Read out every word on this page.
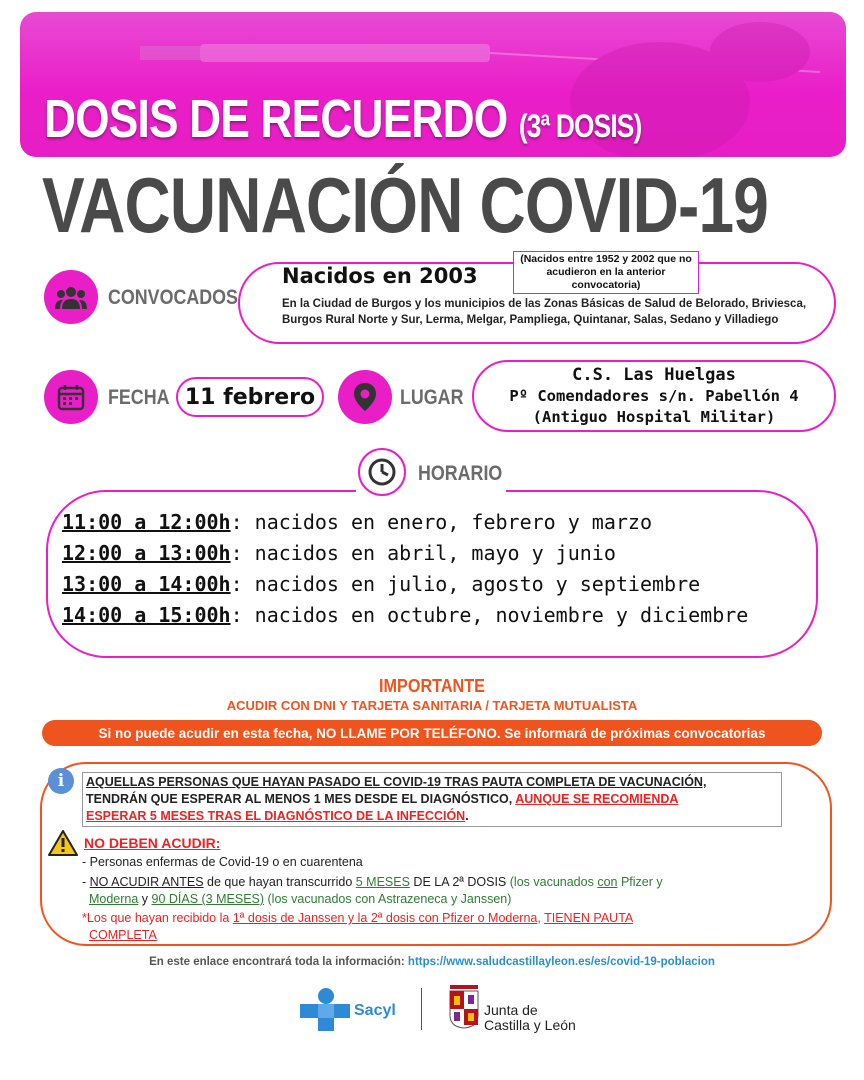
DOSIS DE RECUERDO (3ª DOSIS)
VACUNACIÓN COVID-19
CONVOCADOS
Nacidos en 2003
(Nacidos entre 1952 y 2002 que no acudieron en la anterior convocatoria)
En la Ciudad de Burgos y los municipios de las Zonas Básicas de Salud de Belorado, Briviesca, Burgos Rural Norte y Sur, Lerma, Melgar, Pampliega, Quintanar, Salas, Sedano y Villadiego
FECHA 11 febrero	LUGAR
C.S. Las Huelgas
Pº Comendadores s/n. Pabellón 4
(Antiguo Hospital Militar)
HORARIO
11:00 a 12:00h: nacidos en enero, febrero y marzo
12:00 a 13:00h: nacidos en abril, mayo y junio
13:00 a 14:00h: nacidos en julio, agosto y septiembre
14:00 a 15:00h: nacidos en octubre, noviembre y diciembre
IMPORTANTE
ACUDIR CON DNI Y TARJETA SANITARIA / TARJETA MUTUALISTA
Si no puede acudir en esta fecha, NO LLAME POR TELÉFONO. Se informará de próximas convocatorias
i	AQUELLAS PERSONAS QUE HAYAN PASADO EL COVID-19 TRAS PAUTA COMPLETA DE VACUNACIÓN,
TENDRÁN QUE ESPERAR AL MENOS 1 MES DESDE EL DIAGNÓSTICO, AUNQUE SE RECOMIENDA
ESPERAR 5 MESES TRAS EL DIAGNÓSTICO DE LA INFECCIÓN.
NO DEBEN ACUDIR:
- Personas enfermas de Covid-19 o en cuarentena
- NO ACUDIR ANTES de que hayan transcurrido 5 MESES DE LA 2ª DOSIS (los vacunados con Pfizer y
Moderna y 90 DÍAS (3 MESES) (los vacunados con Astrazeneca y Janssen)
*Los que hayan recibido la 1ª dosis de Janssen y la 2ª dosis con Pfizer o Moderna, TIENEN PAUTA
COMPLETA
En este enlace encontrará toda la información: https://www.saludcastillayleon.es/es/covid-19-poblacion
Sacyl	Junta de
Castilla y León
